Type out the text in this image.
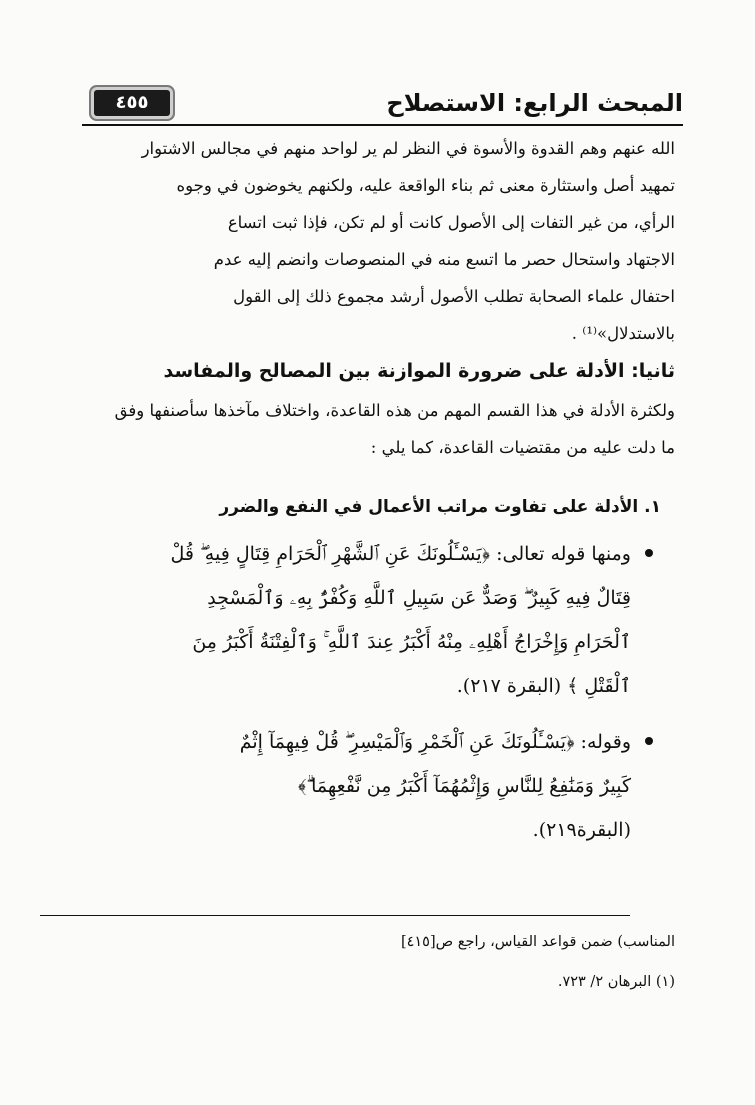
المبحث الرابع: الاستصلاح
٤٥٥
الله عنهم وهم القدوة والأسوة في النظر لم ير لواحد منهم في مجالس الاشتوار
تمهيد أصل واستثارة معنى ثم بناء الواقعة عليه، ولكنهم يخوضون في وجوه
الرأي، من غير التفات إلى الأصول كانت أو لم تكن، فإذا ثبت اتساع
الاجتهاد واستحال حصر ما اتسع منه في المنصوصات وانضم إليه عدم
احتفال علماء الصحابة تطلب الأصول أرشد مجموع ذلك إلى القول
بالاستدلال»⁽¹⁾ .
ثانيا: الأدلة على ضرورة الموازنة بين المصالح والمفاسد
ولكثرة الأدلة في هذا القسم المهم من هذه القاعدة، واختلاف مآخذها سأصنفها وفق
ما دلت عليه من مقتضيات القاعدة، كما يلي :
١. الأدلة على تفاوت مراتب الأعمال في النفع والضرر
ومنها قوله تعالى: ﴿يَسْـَٔلُونَكَ عَنِ ٱلشَّهْرِ ٱلْحَرَامِ قِتَالٍ فِيهِ ۖ قُلْ
قِتَالٌ فِيهِ كَبِيرٌ ۖ وَصَدٌّ عَن سَبِيلِ ٱللَّهِ وَكُفْرٌۢ بِهِۦ وَٱلْمَسْجِدِ
ٱلْحَرَامِ وَإِخْرَاجُ أَهْلِهِۦ مِنْهُ أَكْبَرُ عِندَ ٱللَّهِ ۚ وَٱلْفِتْنَةُ أَكْبَرُ مِنَ
ٱلْقَتْلِ ﴾ (البقرة ٢١٧).
وقوله: ﴿يَسْـَٔلُونَكَ عَنِ ٱلْخَمْرِ وَٱلْمَيْسِرِ ۖ قُلْ فِيهِمَآ إِثْمٌ
كَبِيرٌ وَمَنَٰفِعُ لِلنَّاسِ وَإِثْمُهُمَآ أَكْبَرُ مِن نَّفْعِهِمَا ۗ﴾
(البقرة٢١٩).
المناسب) ضمن قواعد القياس، راجع ص[٤١٥]
(١) البرهان ٢/ ٧٢٣.
